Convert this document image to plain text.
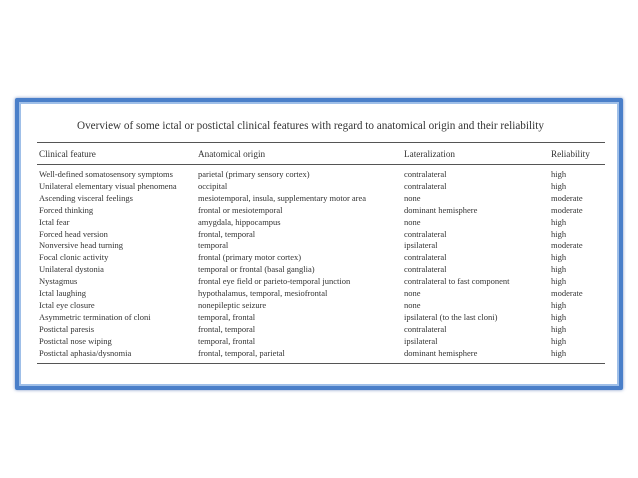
Overview of some ictal or postictal clinical features with regard to anatomical origin and their reliability
Clinical feature	Anatomical origin	Lateralization	Reliability
Well-defined somatosensory symptoms	parietal (primary sensory cortex)	contralateral	high
Unilateral elementary visual phenomena	occipital	contralateral	high
Ascending visceral feelings	mesiotemporal, insula, supplementary motor area	none	moderate
Forced thinking	frontal or mesiotemporal	dominant hemisphere	moderate
Ictal fear	amygdala, hippocampus	none	high
Forced head version	frontal, temporal	contralateral	high
Nonversive head turning	temporal	ipsilateral	moderate
Focal clonic activity	frontal (primary motor cortex)	contralateral	high
Unilateral dystonia	temporal or frontal (basal ganglia)	contralateral	high
Nystagmus	frontal eye field or parieto-temporal junction	contralateral to fast component	high
Ictal laughing	hypothalamus, temporal, mesiofrontal	none	moderate
Ictal eye closure	nonepileptic seizure	none	high
Asymmetric termination of cloni	temporal, frontal	ipsilateral (to the last cloni)	high
Postictal paresis	frontal, temporal	contralateral	high
Postictal nose wiping	temporal, frontal	ipsilateral	high
Postictal aphasia/dysnomia	frontal, temporal, parietal	dominant hemisphere	high
